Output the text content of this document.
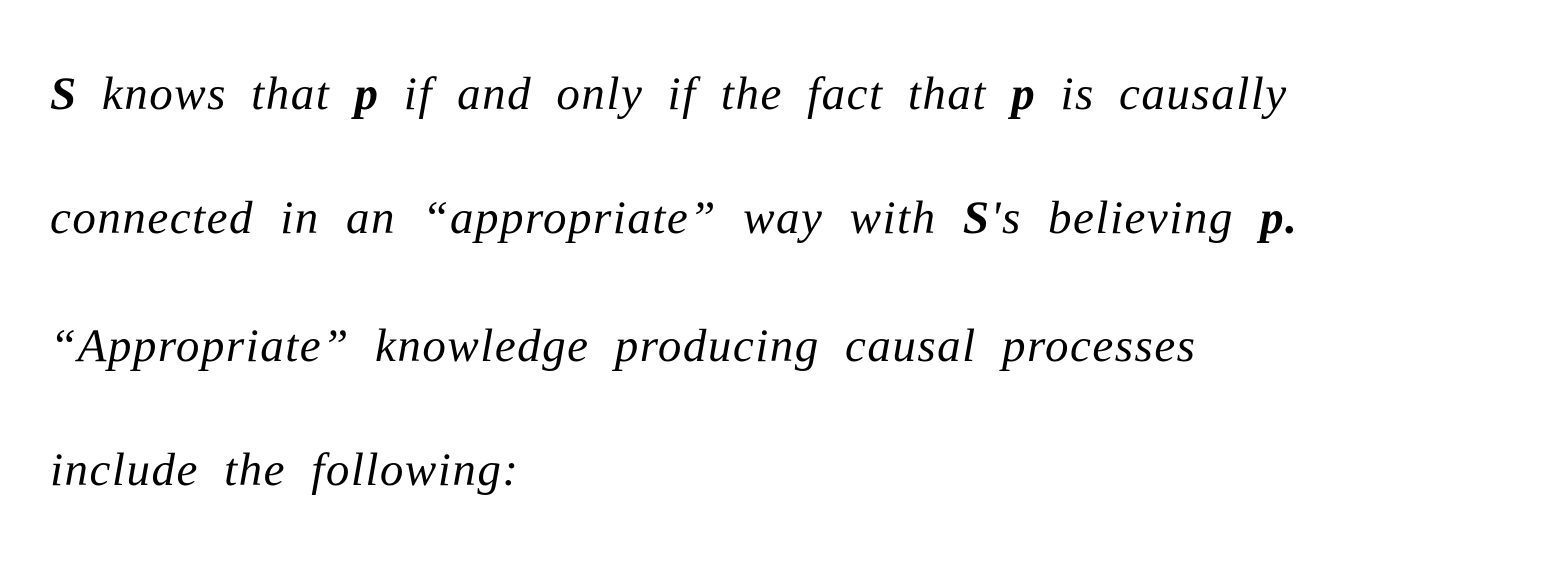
S knows that p if and only if the fact that p is causally
connected in an “appropriate” way with S's believing p.
“Appropriate” knowledge producing causal processes
include the following:
